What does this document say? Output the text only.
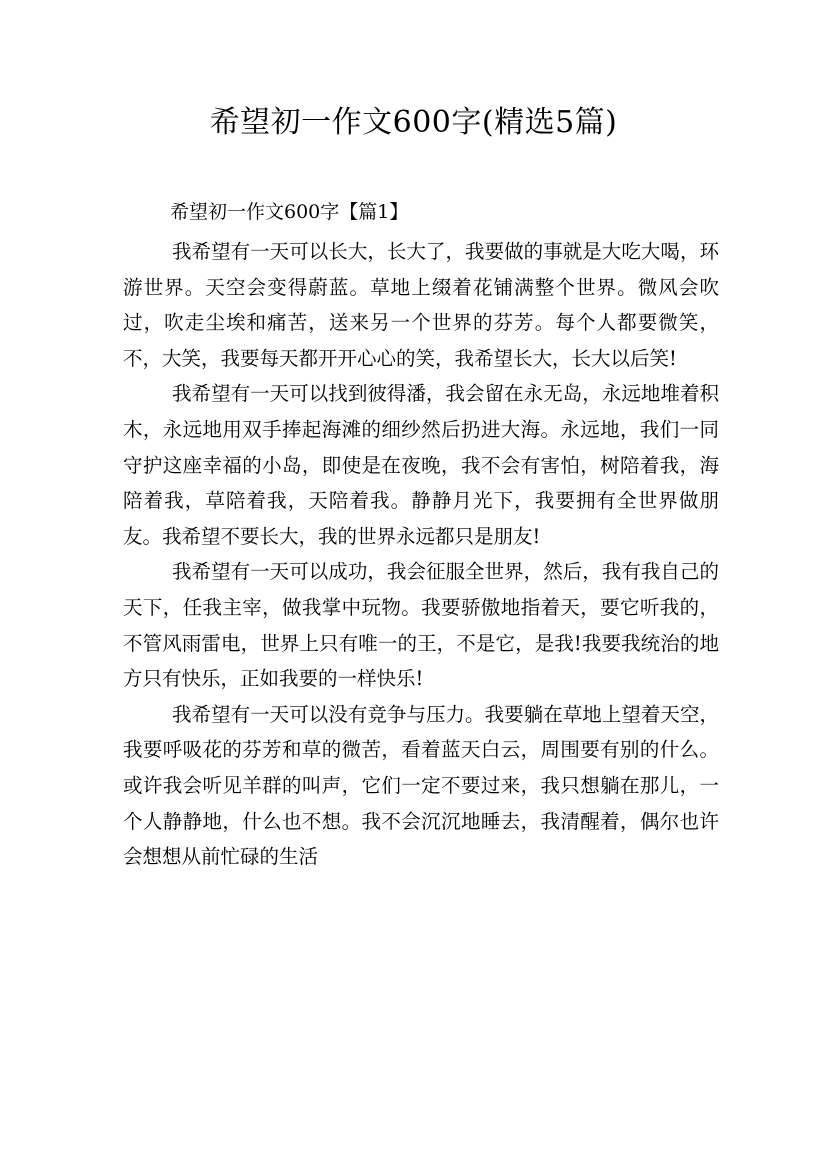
希望初一作文600字(精选5篇)
希望初一作文600字【篇1】

我希望有一天可以长大，长大了，我要做的事就是大吃大喝，环游世界。天空会变得蔚蓝。草地上缀着花铺满整个世界。微风会吹过，吹走尘埃和痛苦，送来另一个世界的芬芳。每个人都要微笑，不，大笑，我要每天都开开心心的笑，我希望长大，长大以后笑!

我希望有一天可以找到彼得潘，我会留在永无岛，永远地堆着积木，永远地用双手捧起海滩的细纱然后扔进大海。永远地，我们一同守护这座幸福的小岛，即使是在夜晚，我不会有害怕，树陪着我，海陪着我，草陪着我，天陪着我。静静月光下，我要拥有全世界做朋友。我希望不要长大，我的世界永远都只是朋友!

我希望有一天可以成功，我会征服全世界，然后，我有我自己的天下，任我主宰，做我掌中玩物。我要骄傲地指着天，要它听我的，不管风雨雷电，世界上只有唯一的王，不是它，是我!我要我统治的地方只有快乐，正如我要的一样快乐!

我希望有一天可以没有竞争与压力。我要躺在草地上望着天空，我要呼吸花的芬芳和草的微苦，看着蓝天白云，周围要有别的什么。或许我会听见羊群的叫声，它们一定不要过来，我只想躺在那儿，一个人静静地，什么也不想。我不会沉沉地睡去，我清醒着，偶尔也许会想想从前忙碌的生活
